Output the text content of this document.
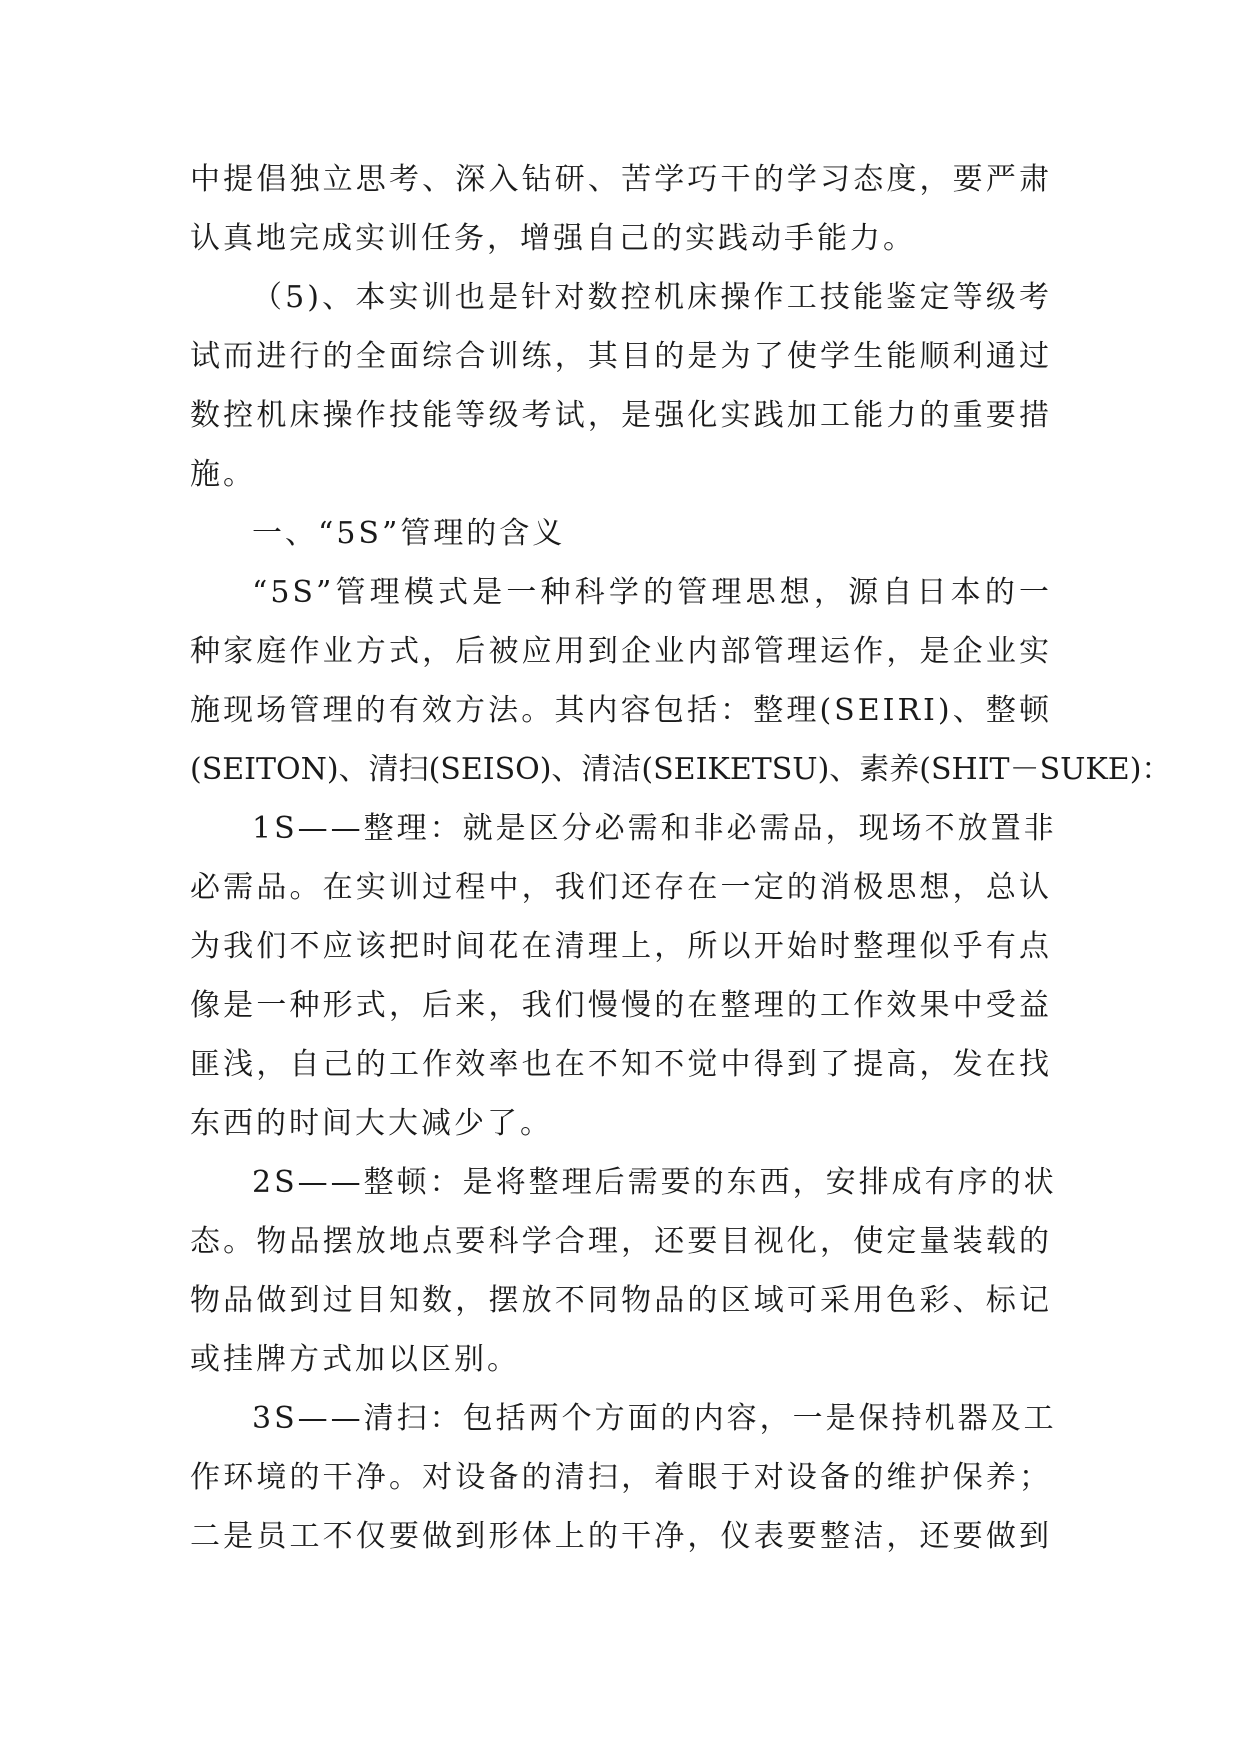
中提倡独立思考、深入钻研、苦学巧干的学习态度，要严肃
认真地完成实训任务，增强自己的实践动手能力。
（5)、本实训也是针对数控机床操作工技能鉴定等级考
试而进行的全面综合训练，其目的是为了使学生能顺利通过
数控机床操作技能等级考试，是强化实践加工能力的重要措
施。
一、“5S”管理的含义
“5S”管理模式是一种科学的管理思想，源自日本的一
种家庭作业方式，后被应用到企业内部管理运作，是企业实
施现场管理的有效方法。其内容包括：整理(SEIRI)、整顿
(SEITON)、清扫(SEISO)、清洁(SEIKETSU)、素养(SHIT－SUKE)：
1S——整理：就是区分必需和非必需品，现场不放置非
必需品。在实训过程中，我们还存在一定的消极思想，总认
为我们不应该把时间花在清理上，所以开始时整理似乎有点
像是一种形式，后来，我们慢慢的在整理的工作效果中受益
匪浅，自己的工作效率也在不知不觉中得到了提高，发在找
东西的时间大大减少了。
2S——整顿：是将整理后需要的东西，安排成有序的状
态。物品摆放地点要科学合理，还要目视化，使定量装载的
物品做到过目知数，摆放不同物品的区域可采用色彩、标记
或挂牌方式加以区别。
3S——清扫：包括两个方面的内容，一是保持机器及工
作环境的干净。对设备的清扫，着眼于对设备的维护保养；
二是员工不仅要做到形体上的干净，仪表要整洁，还要做到
